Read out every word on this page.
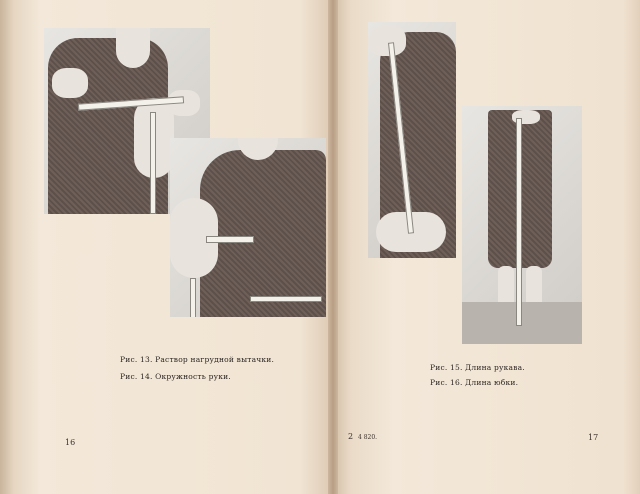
Рис. 13. Раствор нагрудной вытачки.
Рис. 14. Окружность руки.
Рис. 15. Длина рукава.
Рис. 16. Длина юбки.
16
2 4 820.	17
